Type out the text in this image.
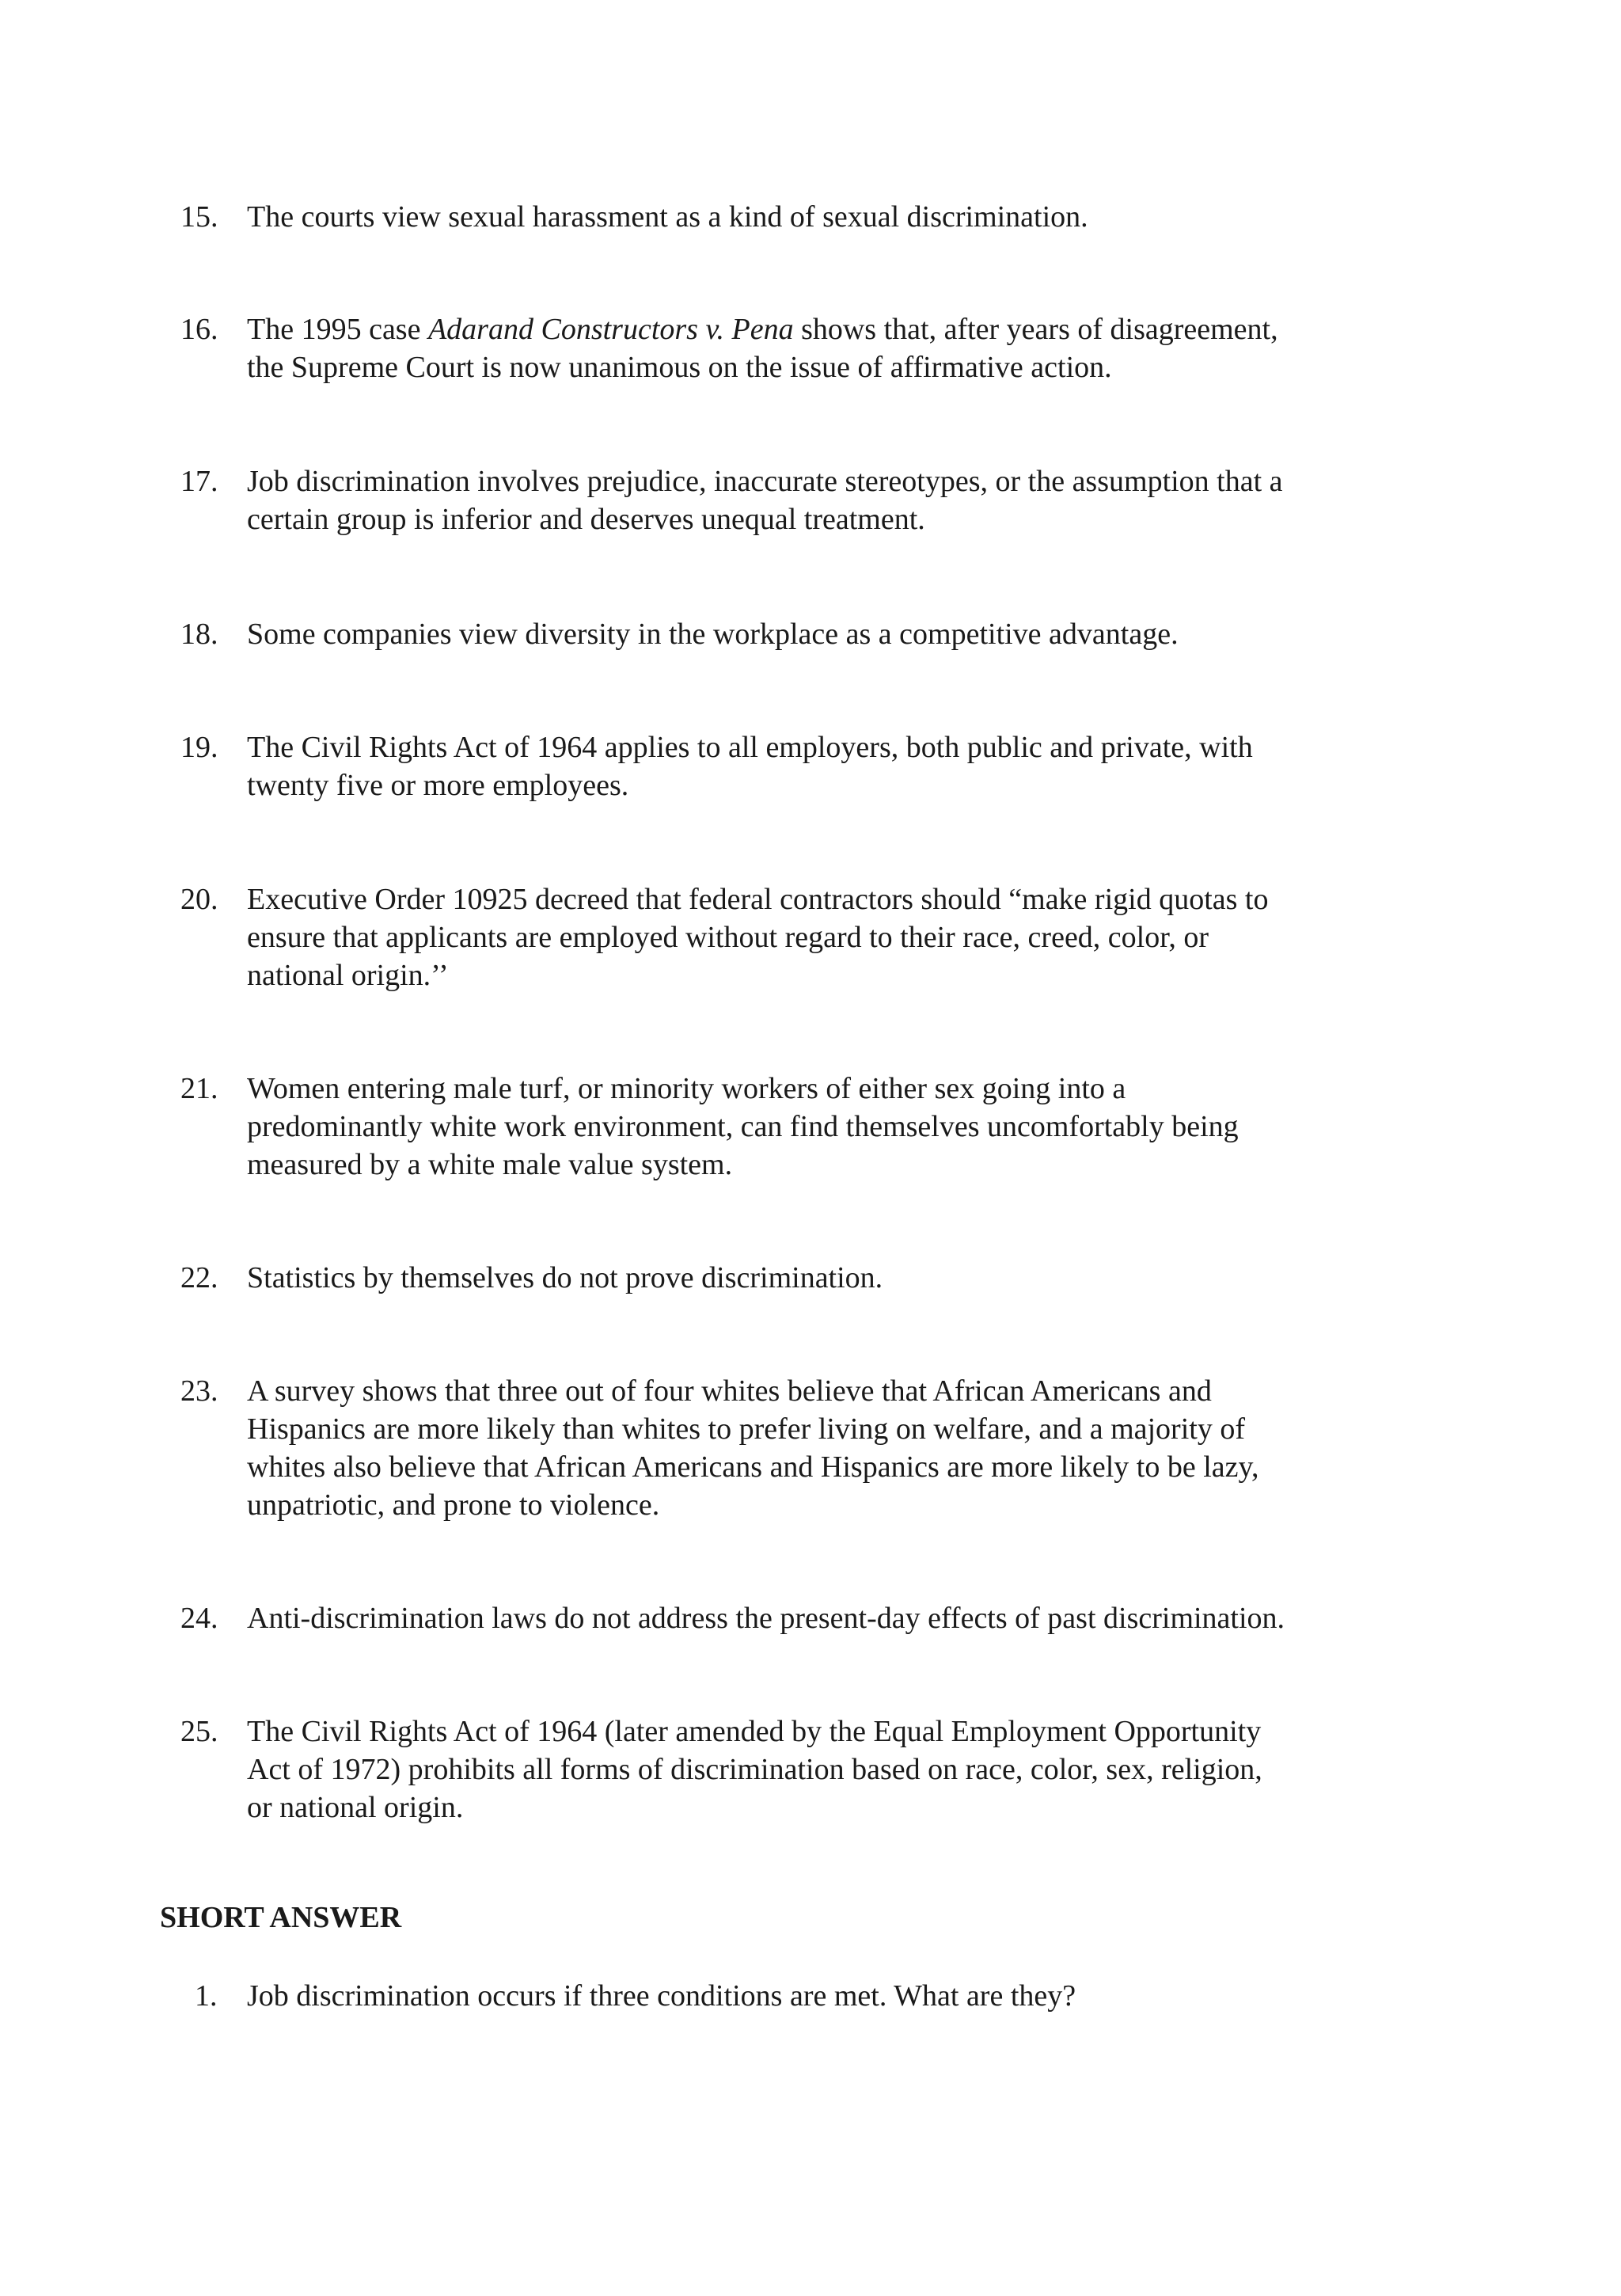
15. The courts view sexual harassment as a kind of sexual discrimination.
16. The 1995 case Adarand Constructors v. Pena shows that, after years of disagreement,
the Supreme Court is now unanimous on the issue of affirmative action.
17. Job discrimination involves prejudice, inaccurate stereotypes, or the assumption that a
certain group is inferior and deserves unequal treatment.
18. Some companies view diversity in the workplace as a competitive advantage.
19. The Civil Rights Act of 1964 applies to all employers, both public and private, with
twenty five or more employees.
20. Executive Order 10925 decreed that federal contractors should “make rigid quotas to
ensure that applicants are employed without regard to their race, creed, color, or
national origin.’’
21. Women entering male turf, or minority workers of either sex going into a
predominantly white work environment, can find themselves uncomfortably being
measured by a white male value system.
22. Statistics by themselves do not prove discrimination.
23. A survey shows that three out of four whites believe that African Americans and
Hispanics are more likely than whites to prefer living on welfare, and a majority of
whites also believe that African Americans and Hispanics are more likely to be lazy,
unpatriotic, and prone to violence.
24. Anti-discrimination laws do not address the present-day effects of past discrimination.
25. The Civil Rights Act of 1964 (later amended by the Equal Employment Opportunity
Act of 1972) prohibits all forms of discrimination based on race, color, sex, religion,
or national origin.
SHORT ANSWER
1. Job discrimination occurs if three conditions are met. What are they?
